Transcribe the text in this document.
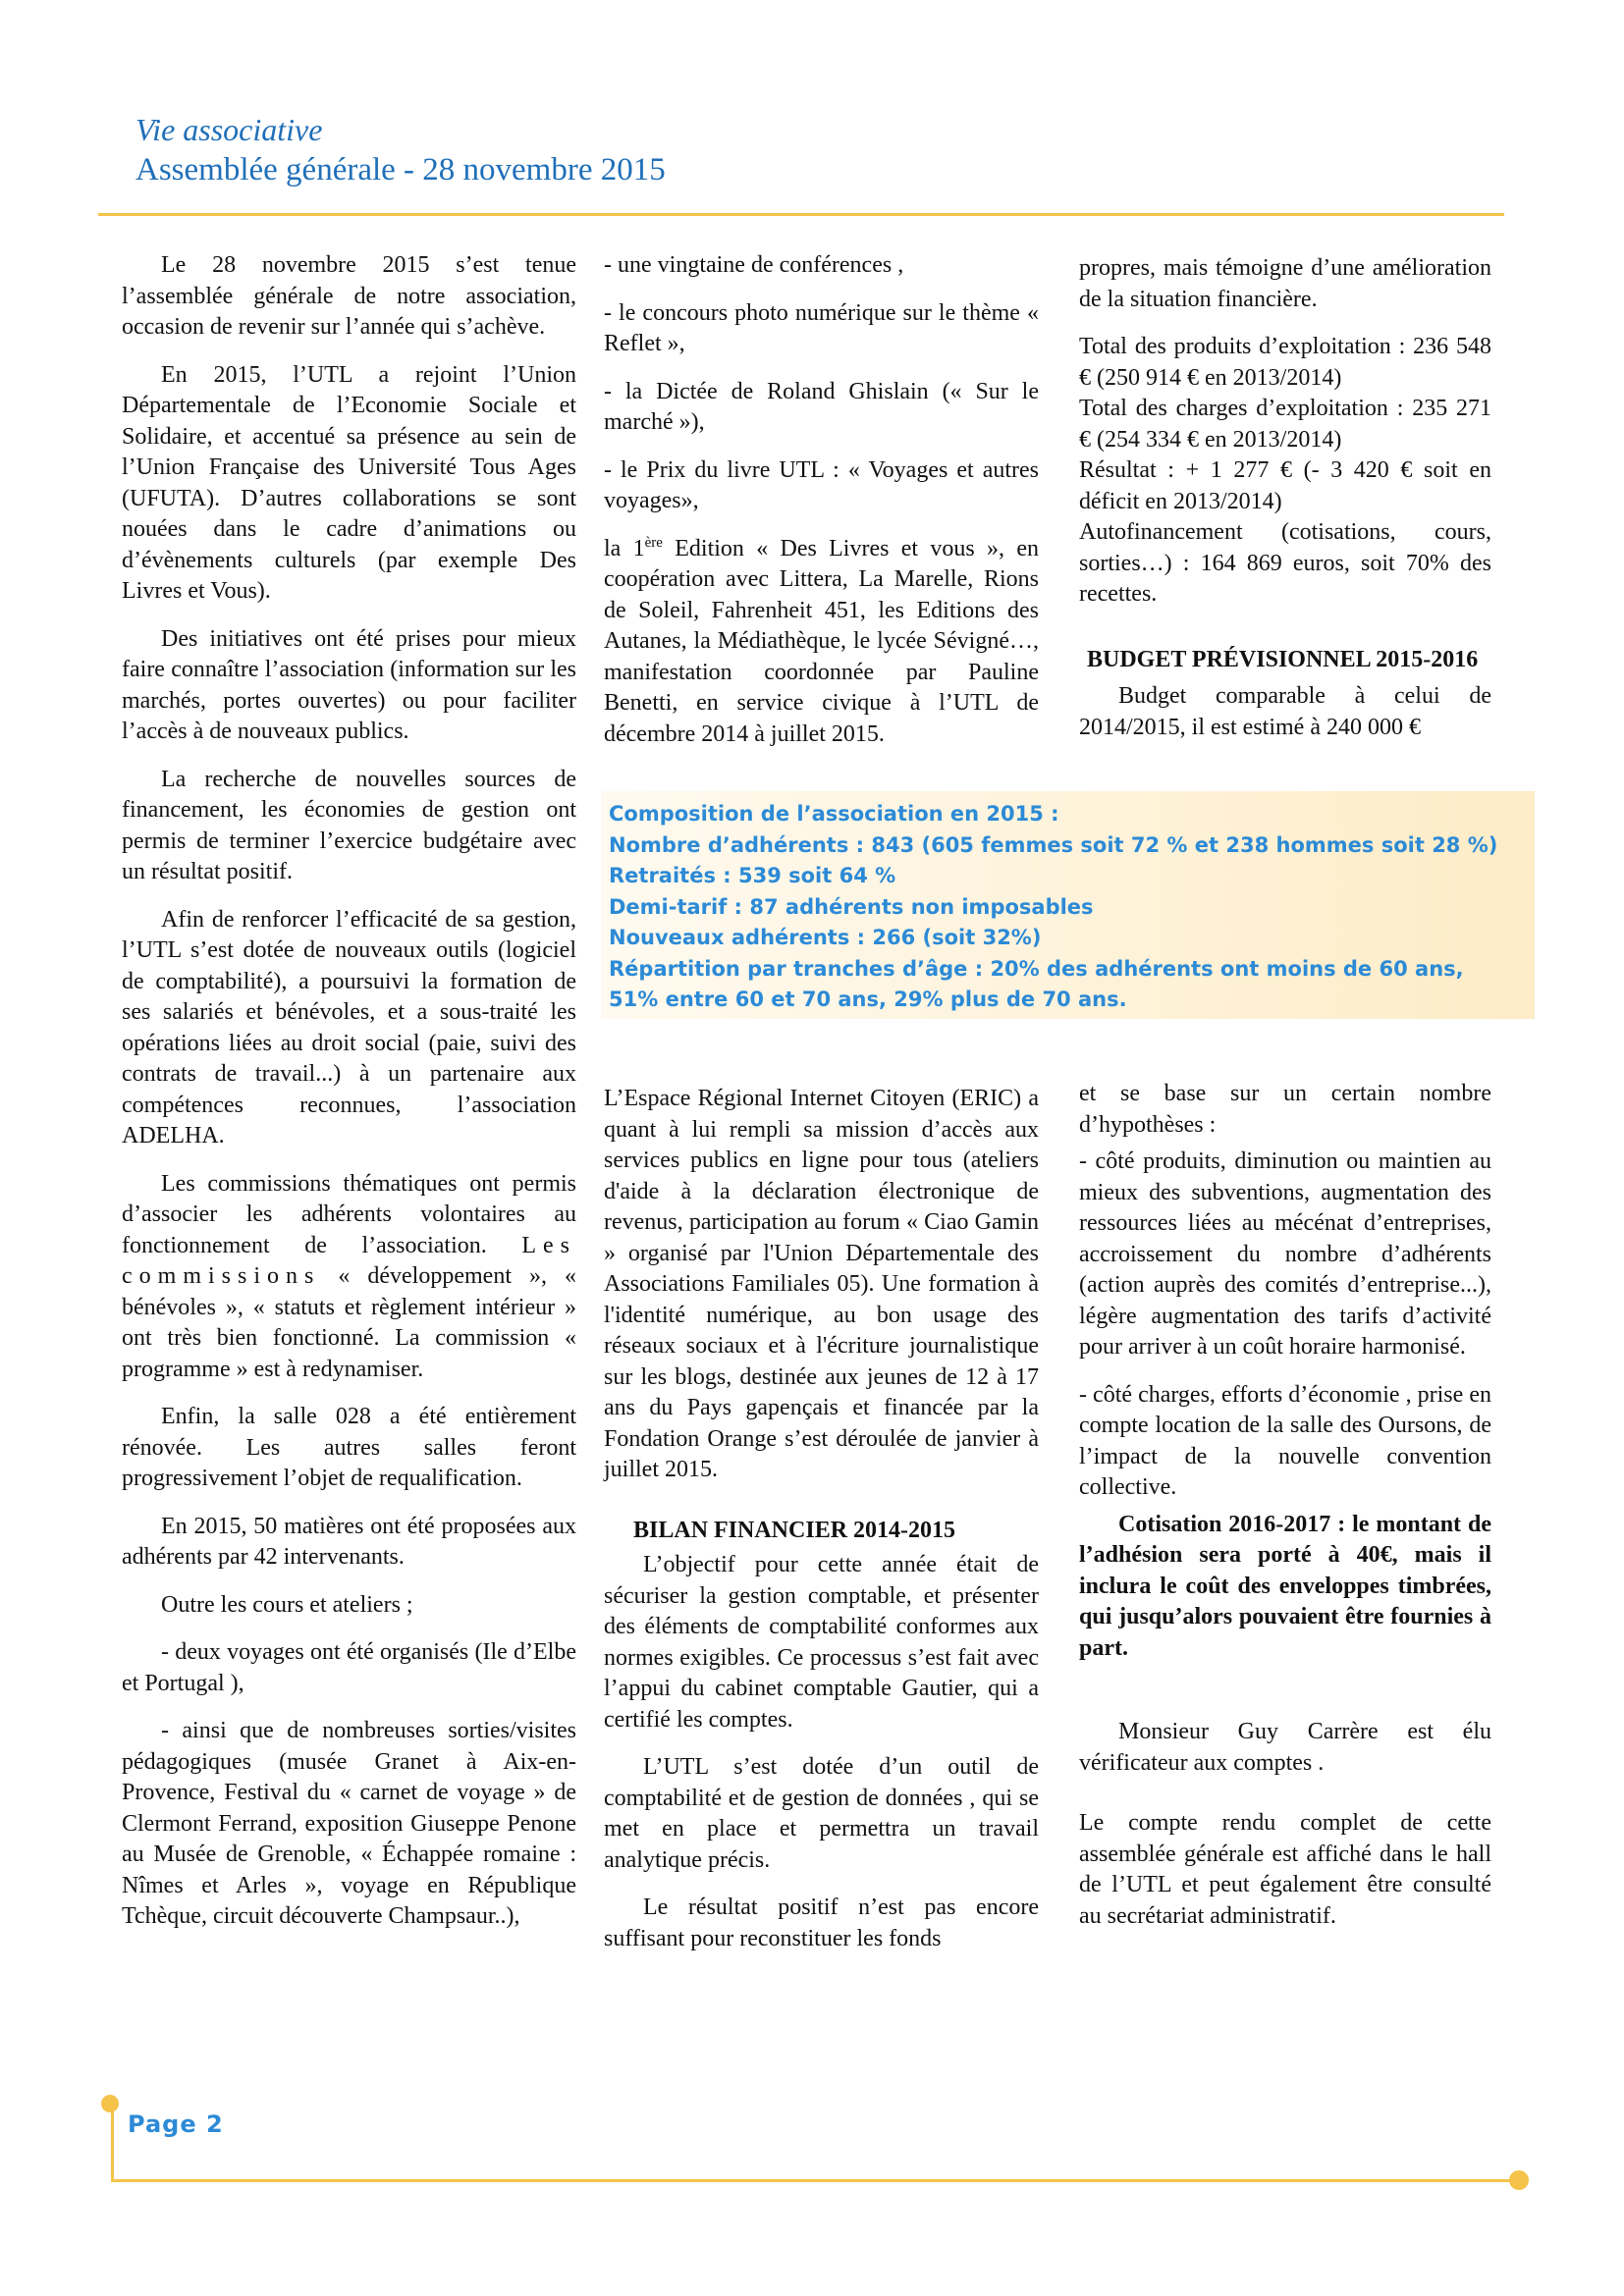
Vie associative
Assemblée générale - 28 novembre 2015

Le 28 novembre 2015 s’est tenue l’assemblée générale de notre association, occasion de revenir sur l’année qui s’achève.

En 2015, l’UTL a rejoint l’Union Départementale de l’Economie Sociale et Solidaire, et accentué sa présence au sein de l’Union Française des Université Tous Ages (UFUTA). D’autres collaborations se sont nouées dans le cadre d’animations ou d’évènements culturels (par exemple Des Livres et Vous).

Des initiatives ont été prises pour mieux faire connaître l’association (information sur les marchés, portes ouvertes) ou pour faciliter l’accès à de nouveaux publics.

La recherche de nouvelles sources de financement, les économies de gestion ont permis de terminer l’exercice budgétaire avec un résultat positif.

Afin de renforcer l’efficacité de sa gestion, l’UTL s’est dotée de nouveaux outils (logiciel de comptabilité), a poursuivi la formation de ses salariés et bénévoles, et a sous-traité les opérations liées au droit social (paie, suivi des contrats de travail...) à un partenaire aux compétences reconnues, l’association ADELHA.

Les commissions thématiques ont permis d’associer les adhérents volontaires au fonctionnement de l’association. Les commissions « développement », « bénévoles », « statuts et règlement intérieur » ont très bien fonctionné. La commission « programme » est à redynamiser.

Enfin, la salle 028 a été entièrement rénovée. Les autres salles feront progressivement l’objet de requalification.

En 2015, 50 matières ont été proposées aux adhérents par 42 intervenants.

Outre les cours et ateliers ;

- deux voyages ont été organisés (Ile d’Elbe et Portugal ),

- ainsi que de nombreuses sorties/visites pédagogiques (musée Granet à Aix-en-Provence, Festival du « carnet de voyage » de Clermont Ferrand, exposition Giuseppe Penone au Musée de Grenoble, « Échappée romaine : Nîmes et Arles », voyage en République Tchèque, circuit découverte Champsaur..),

- une vingtaine de conférences ,

- le concours photo numérique sur le thème « Reflet »,

- la Dictée de Roland Ghislain (« Sur le marché »),

- le Prix du livre UTL : « Voyages et autres voyages»,

la 1ère Edition « Des Livres et vous », en coopération avec Littera, La Marelle, Rions de Soleil, Fahrenheit 451, les Editions des Autanes, la Médiathèque, le lycée Sévigné…, manifestation coordonnée par Pauline Benetti, en service civique à l’UTL de décembre 2014 à juillet 2015.

propres, mais témoigne d’une amélioration de la situation financière.

Total des produits d’exploitation : 236 548 € (250 914 € en 2013/2014)

Total des charges d’exploitation : 235 271 € (254 334 € en 2013/2014)

Résultat : + 1 277 € (- 3 420 € soit en déficit en 2013/2014)

Autofinancement (cotisations, cours, sorties…) : 164 869 euros, soit 70% des recettes.

BUDGET PRÉVISIONNEL 2015-2016

Budget comparable à celui de 2014/2015, il est estimé à 240 000 €

Composition de l’association en 2015 :
Nombre d’adhérents : 843 (605 femmes soit 72 % et 238 hommes soit 28 %)
Retraités : 539 soit 64 %
Demi-tarif : 87 adhérents non imposables
Nouveaux adhérents : 266 (soit 32%)
Répartition par tranches d’âge : 20% des adhérents ont moins de 60 ans,
51% entre 60 et 70 ans, 29% plus de 70 ans.

L’Espace Régional Internet Citoyen (ERIC) a quant à lui rempli sa mission d’accès aux services publics en ligne pour tous (ateliers d'aide à la déclaration électronique de revenus, participation au forum « Ciao Gamin » organisé par l'Union Départementale des Associations Familiales 05). Une formation à l'identité numérique, au bon usage des réseaux sociaux et à l'écriture journalistique sur les blogs, destinée aux jeunes de 12 à 17 ans du Pays gapençais et financée par la Fondation Orange s’est déroulée de janvier à juillet 2015.

BILAN FINANCIER 2014-2015

L’objectif pour cette année était de sécuriser la gestion comptable, et présenter des éléments de comptabilité conformes aux normes exigibles. Ce processus s’est fait avec l’appui du cabinet comptable Gautier, qui a certifié les comptes.

L’UTL s’est dotée d’un outil de comptabilité et de gestion de données , qui se met en place et permettra un travail analytique précis.

Le résultat positif n’est pas encore suffisant pour reconstituer les fonds

et se base sur un certain nombre d’hypothèses :

- côté produits, diminution ou maintien au mieux des subventions, augmentation des ressources liées au mécénat d’entreprises, accroissement du nombre d’adhérents (action auprès des comités d’entreprise...), légère augmentation des tarifs d’activité pour arriver à un coût horaire harmonisé.

- côté charges, efforts d’économie , prise en compte location de la salle des Oursons, de l’impact de la nouvelle convention collective.

Cotisation 2016-2017 : le montant de l’adhésion sera porté à 40€, mais il inclura le coût des enveloppes timbrées, qui jusqu’alors pouvaient être fournies à part.

Monsieur Guy Carrère est élu vérificateur aux comptes .

Le compte rendu complet de cette assemblée générale est affiché dans le hall de l’UTL et peut également être consulté au secrétariat administratif.

Page 2
